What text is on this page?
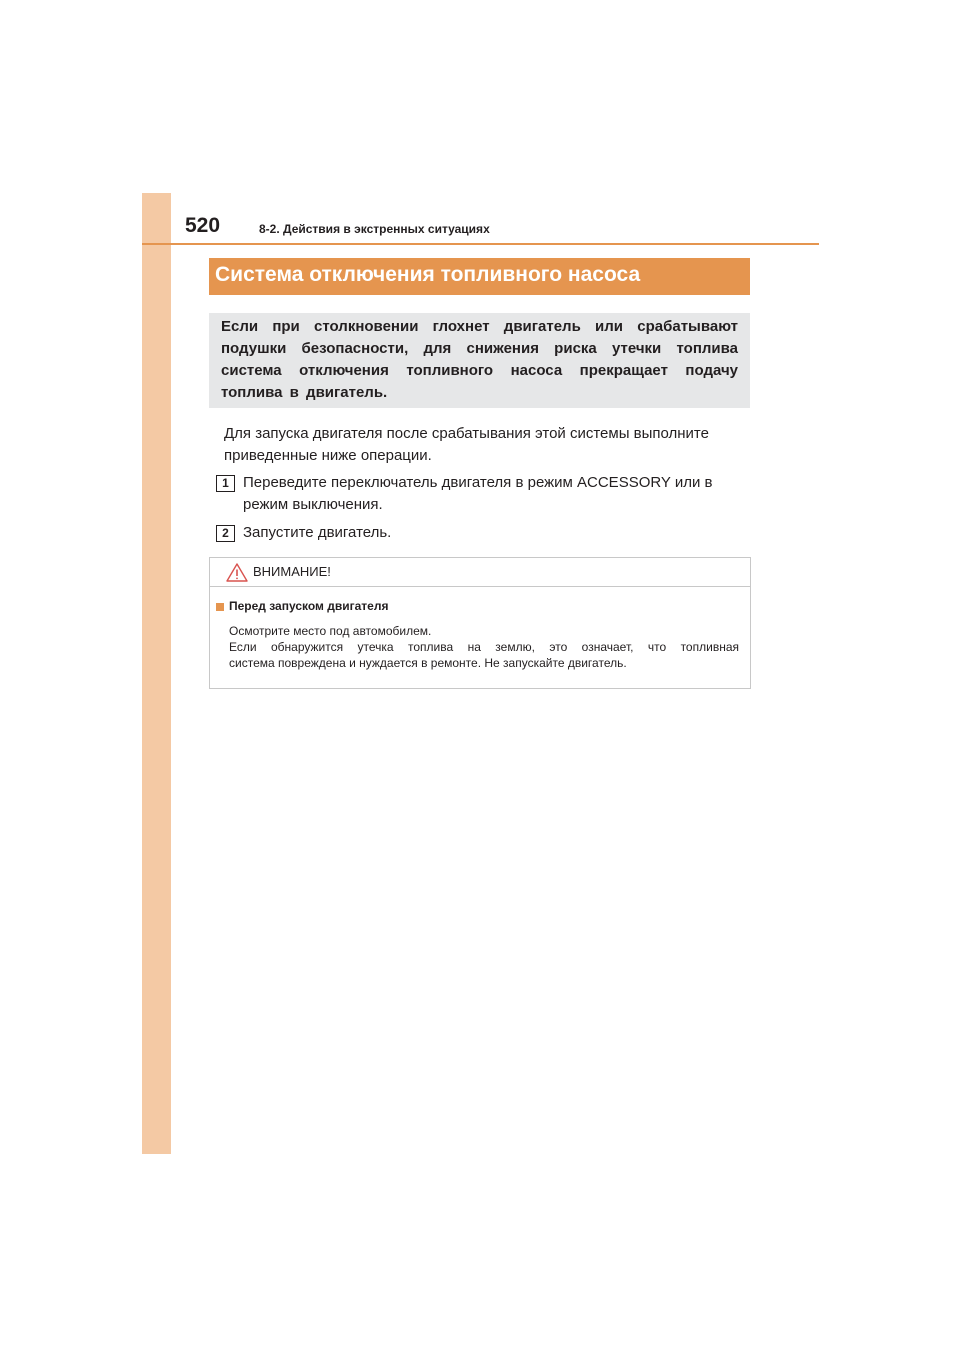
520	8-2. Действия в экстренных ситуациях
Система отключения топливного насоса
Если при столкновении глохнет двигатель или срабатывают подушки безопасности, для снижения риска утечки топлива система отключения топливного насоса прекращает подачу топлива в двигатель.
Для запуска двигателя после срабатывания этой системы выполните приведенные ниже операции.
1 Переведите переключатель двигателя в режим ACCESSORY или в режим выключения.
2 Запустите двигатель.
ВНИМАНИЕ!
Перед запуском двигателя

Осмотрите место под автомобилем.

Если обнаружится утечка топлива на землю, это означает, что топливная

система повреждена и нуждается в ремонте. Не запускайте двигатель.
